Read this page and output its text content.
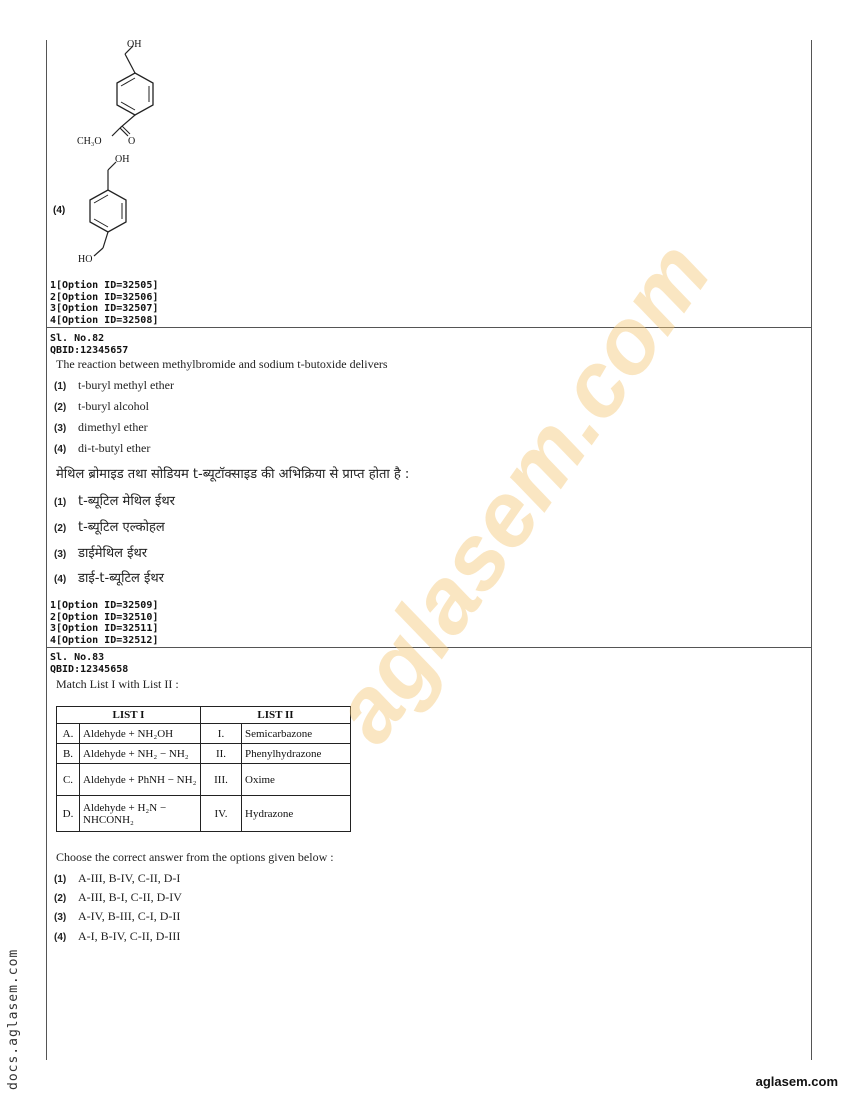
OH
CH₃O	O
(4)
OH
HO
1[Option ID=32505]
2[Option ID=32506]
3[Option ID=32507]
4[Option ID=32508]
Sl. No.82
QBID:12345657
The reaction between methylbromide and sodium t-butoxide delivers
(1) t-buryl methyl ether
(2) t-buryl alcohol
(3) dimethyl ether
(4) di-t-butyl ether
मेथिल ब्रोमाइड तथा सोडियम t-ब्यूटॉक्साइड की अभिक्रिया से प्राप्त होता है :
(1) t-ब्यूटिल मेथिल ईथर
(2) t-ब्यूटिल एल्कोहल
(3) डाईमेथिल ईथर
(4) डाई-t-ब्यूटिल ईथर
1[Option ID=32509]
2[Option ID=32510]
3[Option ID=32511]
4[Option ID=32512]
Sl. No.83
QBID:12345658
Match List I with List II :
LIST I		LIST II	
A.	Aldehyde + NH₂OH	I.	Semicarbazone
B.	Aldehyde + NH₂ − NH₂	II.	Phenylhydrazone
C.	Aldehyde + PhNH − NH₂	III.	Oxime
D.	Aldehyde + H₂N − NHCONH₂	IV.	Hydrazone
Choose the correct answer from the options given below :
(1) A-III, B-IV, C-II, D-I
(2) A-III, B-I, C-II, D-IV
(3) A-IV, B-III, C-I, D-II
(4) A-I, B-IV, C-II, D-III
aglasem.com
docs.aglasem.com	aglasem.com
